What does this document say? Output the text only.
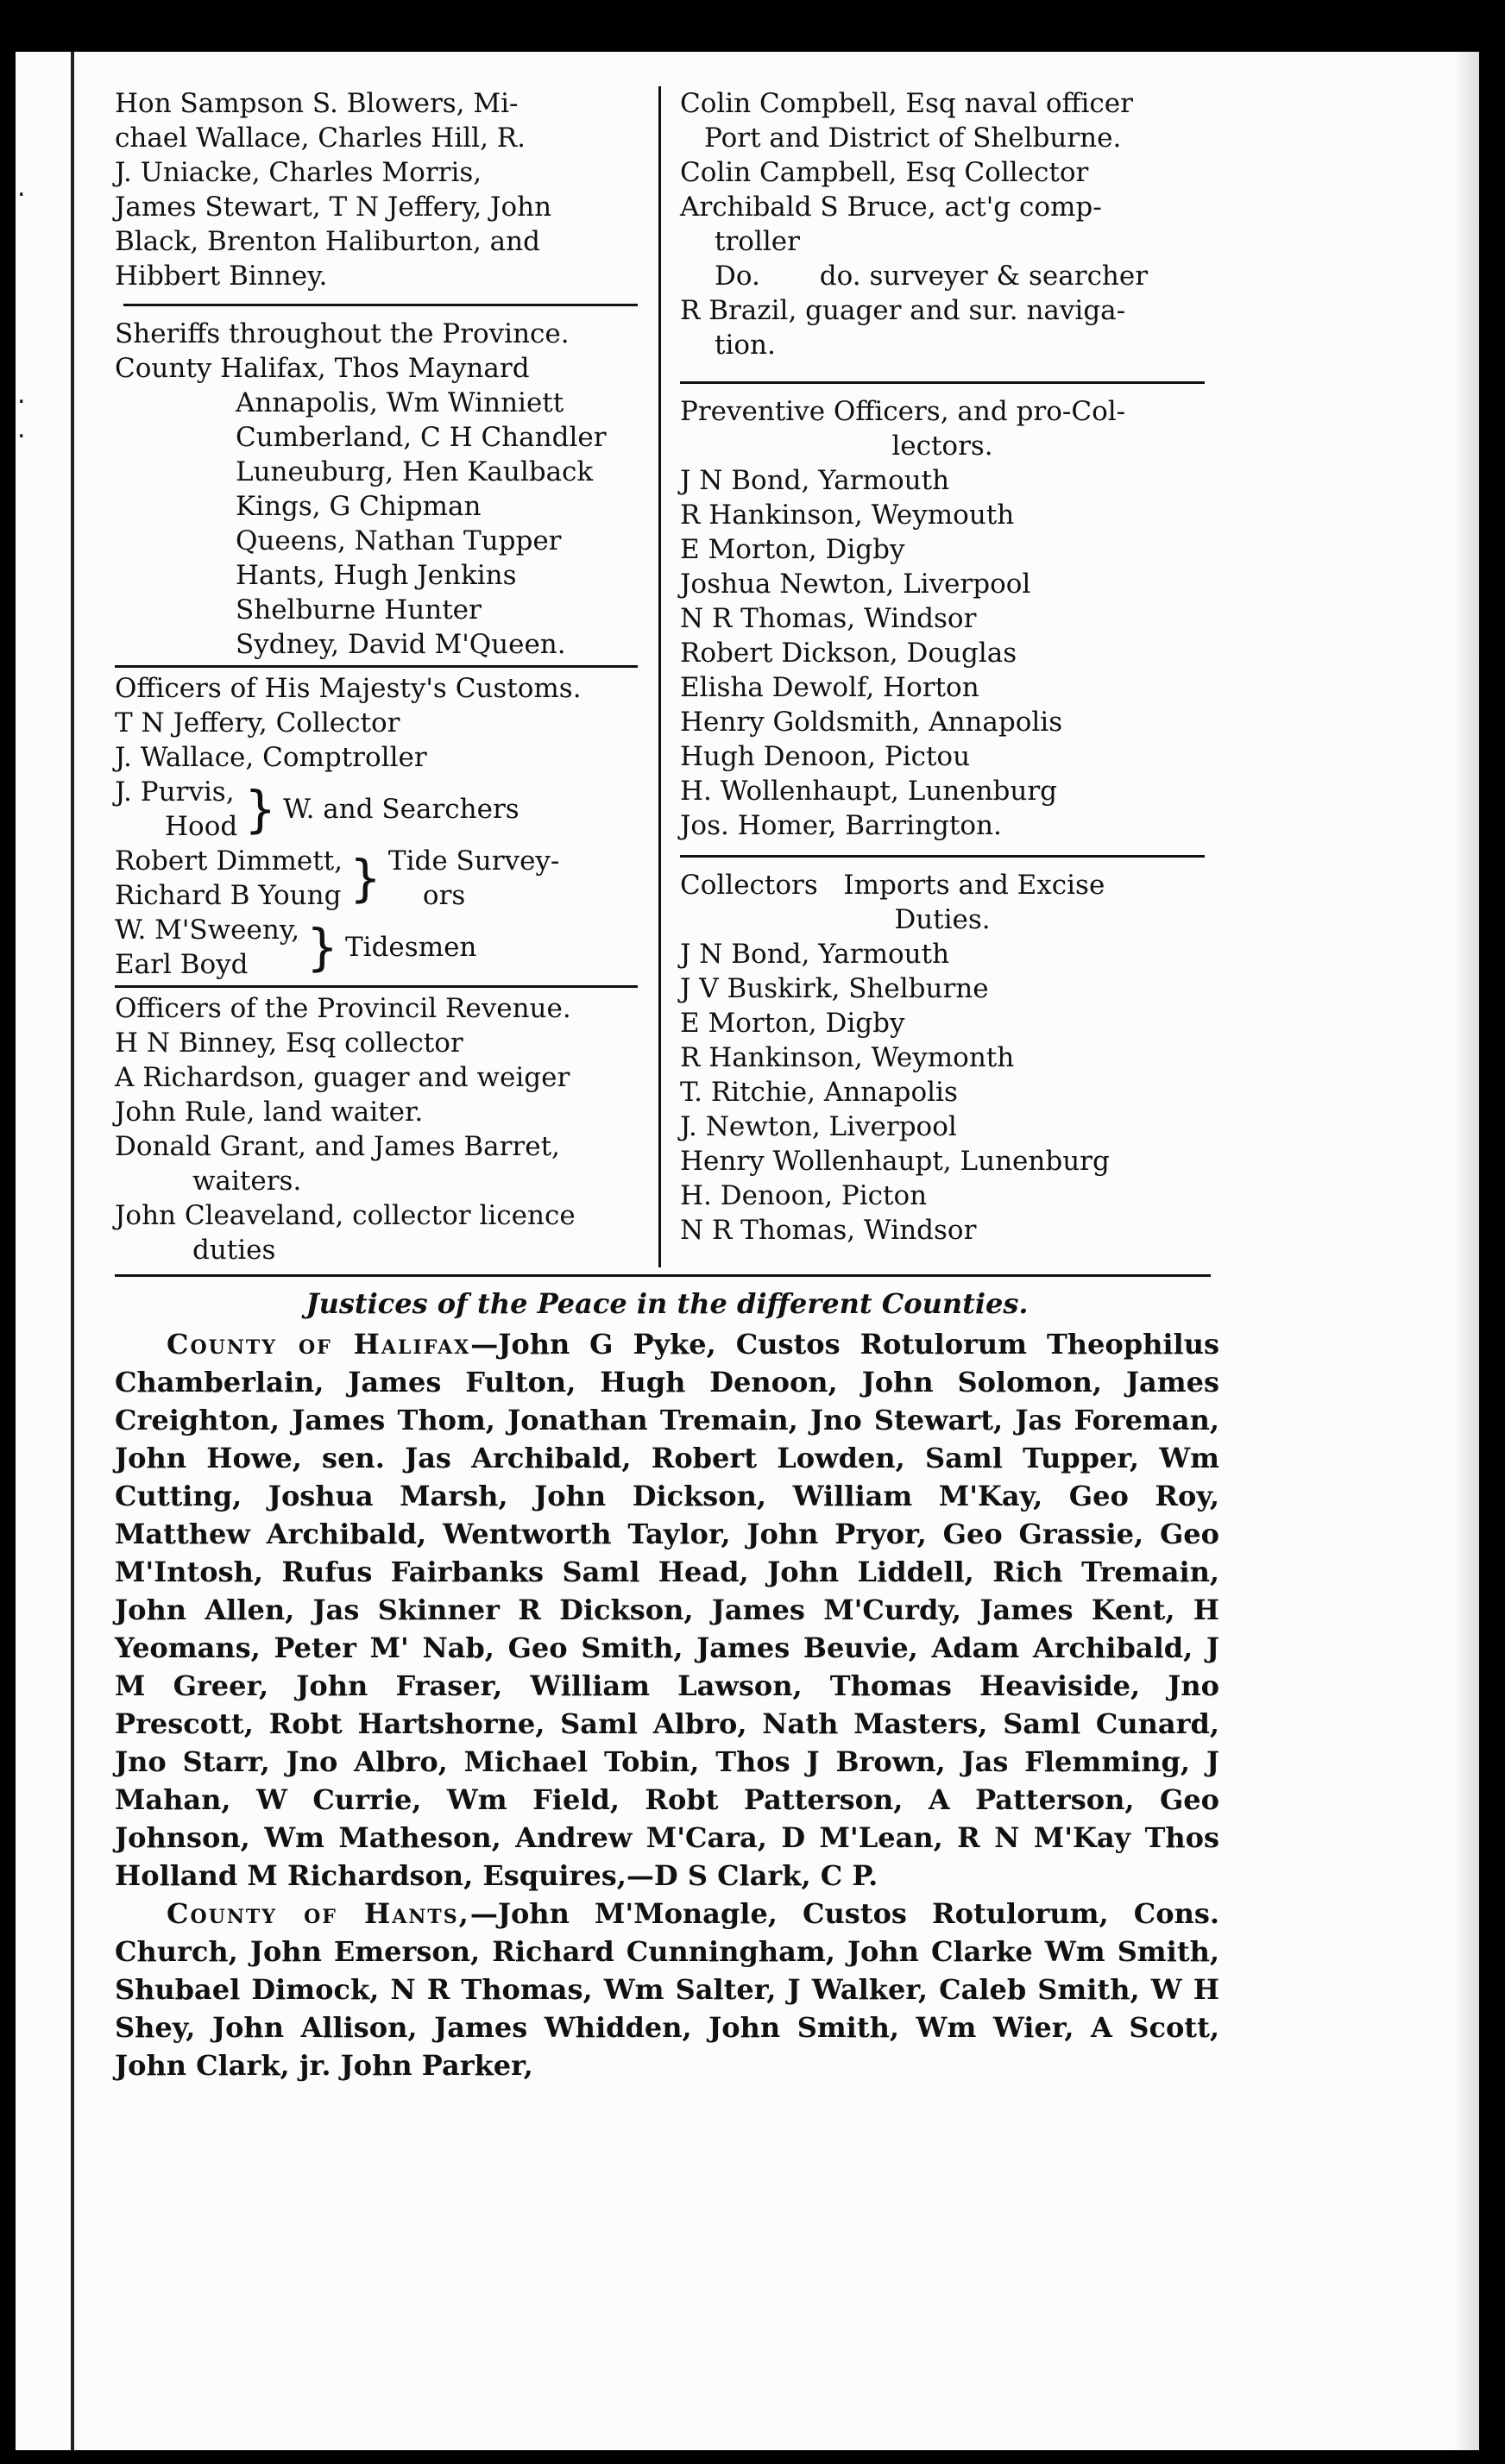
.
.
.
Hon Sampson S. Blowers, Mi-
chael Wallace, Charles Hill, R.
J. Uniacke, Charles Morris,
James Stewart, T N Jeffery, John
Black, Brenton Haliburton, and
Hibbert Binney.
Sheriffs throughout the Province.
County Halifax, Thos Maynard
Annapolis, Wm Winniett
Cumberland, C H Chandler
Luneuburg, Hen Kaulback
Kings, G Chipman
Queens, Nathan Tupper
Hants, Hugh Jenkins
Shelburne Hunter
Sydney, David M'Queen.
Officers of His Majesty's Customs.
T N Jeffery, Collector
J. Wallace, Comptroller
J. Purvis,
Hood } W. and Searchers
Robert Dimmett,
Richard B Young } Tide Survey-
ors
W. M'Sweeny,
Earl Boyd	} Tidesmen
Officers of the Provincil Revenue.
H N Binney, Esq collector
A Richardson, guager and weiger
John Rule, land waiter.
Donald Grant, and James Barret,
waiters.
John Cleaveland, collector licence
duties
Colin Compbell, Esq naval officer
Port and District of Shelburne.
Colin Campbell, Esq Collector
Archibald S Bruce, act'g comp-
troller
Do.       do. surveyer & searcher
R Brazil, guager and sur. naviga-
tion.
Preventive Officers, and pro-Col-
lectors.
J N Bond, Yarmouth
R Hankinson, Weymouth
E Morton, Digby
Joshua Newton, Liverpool
N R Thomas, Windsor
Robert Dickson, Douglas
Elisha Dewolf, Horton
Henry Goldsmith, Annapolis
Hugh Denoon, Pictou
H. Wollenhaupt, Lunenburg
Jos. Homer, Barrington.
Collectors   Imports and Excise
Duties.
J N Bond, Yarmouth
J V Buskirk, Shelburne
E Morton, Digby
R Hankinson, Weymonth
T. Ritchie, Annapolis
J. Newton, Liverpool
Henry Wollenhaupt, Lunenburg
H. Denoon, Picton
N R Thomas, Windsor
Justices of the Peace in the different Counties.

County of Halifax—John G Pyke, Custos Rotulorum Theophilus Chamberlain, James Fulton, Hugh Denoon, John Solomon, James Creighton, James Thom, Jonathan Tremain, Jno Stewart, Jas Foreman, John Howe, sen. Jas Archibald, Robert Lowden, Saml Tupper, Wm Cutting, Joshua Marsh, John Dickson, William M'Kay, Geo Roy, Matthew Archibald, Wentworth Taylor, John Pryor, Geo Grassie, Geo M'Intosh, Rufus Fairbanks Saml Head, John Liddell, Rich Tremain, John Allen, Jas Skinner R Dickson, James M'Curdy, James Kent, H Yeomans, Peter M' Nab, Geo Smith, James Beuvie, Adam Archibald, J M Greer, John Fraser, William Lawson, Thomas Heaviside, Jno Prescott, Robt Hartshorne, Saml Albro, Nath Masters, Saml Cunard, Jno Starr, Jno Albro, Michael Tobin, Thos J Brown, Jas Flemming, J Mahan, W Currie, Wm Field, Robt Patterson, A Patterson, Geo Johnson, Wm Matheson, Andrew M'Cara, D M'Lean, R N M'Kay Thos Holland M Richardson, Esquires,—D S Clark, C P.

County of Hants,—John M'Monagle, Custos Rotulorum, Cons. Church, John Emerson, Richard Cunningham, John Clarke Wm Smith, Shubael Dimock, N R Thomas, Wm Salter, J Walker, Caleb Smith, W H Shey, John Allison, James Whidden, John Smith, Wm Wier, A Scott, John Clark, jr. John Parker,
